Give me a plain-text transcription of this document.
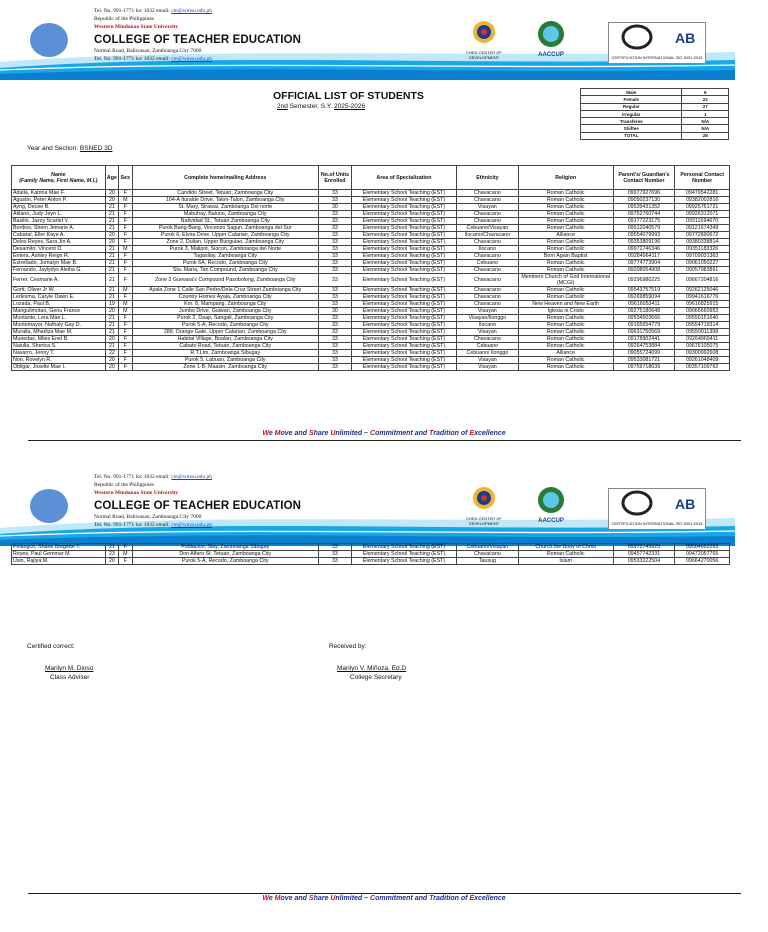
Tel. No. 991-1771 loc 1032 email: cte@wmsu.edu.ph
Republic of the Philippines
Western Mindanao State University
COLLEGE OF TEACHER EDUCATION
Normal Road, Baliwasan, Zamboanga City 7000
Tel. No. 991-1771 loc 1032 email: cte@wmsu.edu.ph
CHED CENTER OF DEVELOPMENT	AACCUP
AB
CERTIFICATION INTERNATIONAL ISO 9001:2015
OFFICIAL LIST OF STUDENTS
2nd Semester, S.Y. 2025-2026
Year and Section: BSNED 3D
Male	6
Female	22
Regular	27
Irregular	1
Transferee	N/A
Shiftee	N/A
TOTAL	28
Name
(Family Name, First Name, M.I.)	Age	Sex	Complete home/mailing Address	No.of Units Enrolled	Area of Specialization	Ethnicity	Religion	Parent's/ Guardian's Contact Number	Personal Contact Number
Adalla, Katrina Mae F.	20	F	Candido Street, Tetuan, Zamboanga City	33	Elementary School Teaching (EST)	Chavacano	Roman Catholic	09977927696	09479542281
Agustin, Peter Anton P.	20	M	104-A Ituralde Drive, Talon-Talon, Zamboanga City	33	Elementary School Teaching (EST)	Chavacano	Roman Catholic	09050237130	09382002816
Ayng, Decee B.	21	F	St. Mary, Sirawai, Zamboanga Del norte	30	Elementary School Teaching (EST)	Visayan	Roman Catholic	09539431352	09925751721
Atilano, Judy Jeyn L.	21	F	Mabuhay, Baluno, Zamboanga City	33	Elementary School Teaching (EST)	Chavacano	Roman Catholic	09752760744	09926312071
Basilio, Jazzy Scarlet V.	21	F	Natividad St., Tetuan Zamboanga City	33	Elementary School Teaching (EST)	Chavacano	Roman Catholic	09177223175	09311694670
Bordios, Shem Jemarie A.	21	F	Purok Bang-Bang, Vincenzo Sagun, Zamboanga del Sur	33	Elementary School Teaching (EST)	Cebuano/Visayan	Roman Catholic	09512040579	09121674349
Cabaral, Eller Kaye A.	20	F	Purok 6, Elvira Drive, Upper Calarian, Zamboanga City	33	Elementary School Teaching (EST)	Ilocano/Chavacano	Alliance	09554079993	09772890672
Delos Reyes, Sara Jin A.	20	F	Zone 2, Dulian, Upper Bunguiao, Zamboanga City	33	Elementary School Teaching (EST)	Chavacano	Roman Catholic	09353809196	09380338814
Desamito, Vincent D.	21	M	Purok 3, Malipot, Siocon, Zamboanga del Norte	33	Elementary School Teaching (EST)	Ilocano	Roman Catholic	09972746346	09351183326
Entera, Ashley Reign R.	21	F	Tagasilay, Zamboanga City	33	Elementary School Teaching (EST)	Chavacano	Born Again Baptist	09284964117	09709031363
Estrellado, Jomalyn Mae B.	21	F	Purok 6A, Recodo, Zamboanga City	33	Elementary School Teaching (EST)	Cebuano	Roman Catholic	09774773904	09061050227
Fernando, Jaylydys Aleiha G.	21	F	Sta. Maria, Tan Compound, Zamboanga City	33	Elementary School Teaching (EST)	Chavacano	Roman Catholic	09208054908	09057983891
Ferrer, Cesmarie A.	21	F	Zone 2 Guevara's Compound Pasobolong, Zamboanga City	33	Elementary School Teaching (EST)	Chavacano	Members Church of God International (MCGI)	09296980225	09667204816
Gorit, Oliver Jr W.	21	M	Ayala Zone 1 Calle San Pedro/Dela Cruz Street Zamboanga City	33	Elementary School Teaching (EST)	Chavacano	Roman Catholic	09543757519	09262125046
Ledesma, Caryle Dawn E.	21	F	Country Homes Ayala, Zamboanga City	33	Elementary School Teaching (EST)	Chavacano	Roman Catholic	09269859094	09941616776
Lozada, Paul B.	19	M	Km. 8, Mampang, Zamboanga City	33	Elementary School Teaching (EST)	Chavacano	New Heaven and New Earth	09616053411	09616825915
Mangulimotan, Genu France	20	M	Jumbo Drive, Guiwan, Zamboanga City	30	Elementary School Teaching (EST)	Visayan	Iglesia ni Cristo	09275180648	09066660953
Montante, Lera Mae L.	21	F	Purok 2, Daap, Sangali, Zamboanga City	33	Elementary School Teaching (EST)	Visayan/Ilonggo	Roman Catholic	09534503666	09550151640
Montemayor, Nathaly Gay D.	21	F	Purok 5-A, Recodo, Zamboanga City	33	Elementary School Teaching (EST)	Ilocano	Roman Catholic	09165654779	09554719314
Muralla, Mharliza Mae M.	21	F	288, Orange Gate, Upper Calarian, Zamboanga City	33	Elementary School Teaching (EST)	Visayan	Roman Catholic	09631750569	09550011398
Muriedas, Miles Enel B.	20	F	Habitat Village, Boalan, Zamboanga City	33	Elementary School Teaching (EST)	Chavacano	Roman Catholic	09178902441	09264969411
Naiulla, Sherica S.	21	F	Cabato Road, Tetuan, Zamboanga City	33	Elementary School Teaching (EST)	Cebuano	Roman Catholic	09264753884	09676105075
Navarro, Jenny T.	22	F	R.T.Lim, Zamboanga Sibugay	33	Elementary School Teaching (EST)	Cebuano/ Ilonggo	Alliance	09055724099	09300992608
Non, Rovelyn R.	20	F	Purok 5, Labuan, Zamboanga City	33	Elementary School Teaching (EST)	Visayan	Roman Catholic	09533081721	09261048409
Obligar, Joselle Mae I.	20	F	Zone 1-B, Maasin, Zamboanga City	33	Elementary School Teaching (EST)	Visayan	Roman Catholic	09759718639	09357109762
We Move and Share Unlimited – Commitment and Tradition of Excellence
Tel. No. 991-1771 loc 1032 email: cte@wmsu.edu.ph
Republic of the Philippines
Western Mindanao State University
COLLEGE OF TEACHER EDUCATION
Normal Road, Baliwasan, Zamboanga City 7000
Tel. No. 991-1771 loc 1032 email: cte@wmsu.edu.ph
CHED CENTER OF DEVELOPMENT	AACCUP
AB
CERTIFICATION INTERNATIONAL ISO 9001:2015
Pelangco, Shane Bregette T.	21	F	Poblacion, Siay, Zamboanga Sibugay	33	Elementary School Teaching (EST)	Cebuano/Visayan	Church the Body of Christ	09972745925	09504652263
Reyes, Paul Gemmar M.	23	M	Don Alfaro St. Tetuan, Zamboanga City	33	Elementary School Teaching (EST)	Chavacano	Roman Catholic	09457742331	09472057765
Usin, Rajiya M.	20	F	Purok 5-A, Recodo, Zamboanga City	33	Elementary School Teaching (EST)	Tausug	Islam	09533222504	09664270056
Certified correct:
Marilyn M. Dioso
Class Adviser
Received by:
Marilyn V. Miñoza, Ed.D
College Secretary
We Move and Share Unlimited – Commitment and Tradition of Excellence
